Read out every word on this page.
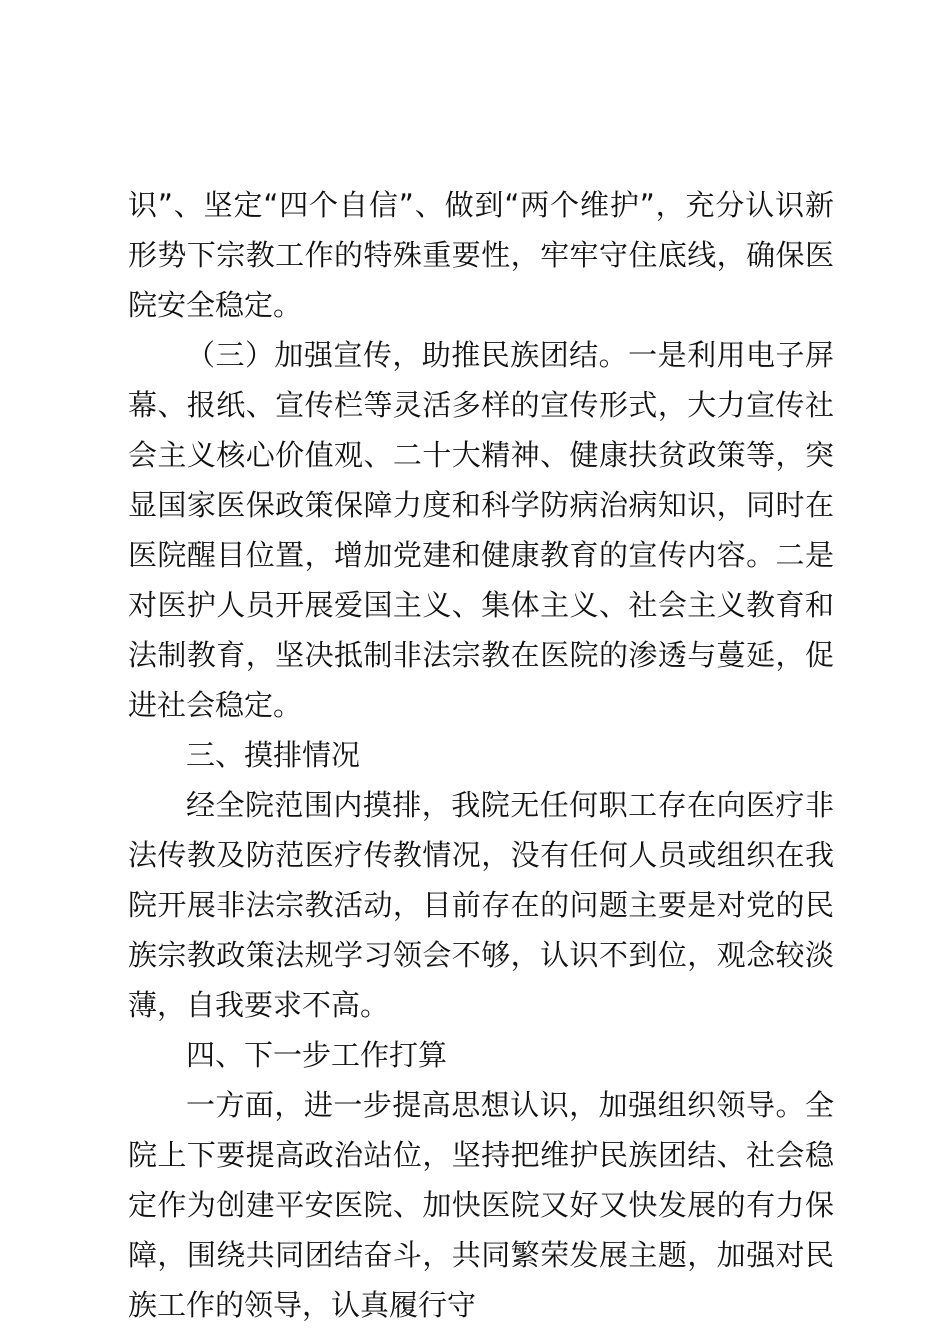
识”、坚定“四个自信”、做到“两个维护”，充分认识新形势下宗教工作的特殊重要性，牢牢守住底线，确保医院安全稳定。

（三）加强宣传，助推民族团结。一是利用电子屏幕、报纸、宣传栏等灵活多样的宣传形式，大力宣传社会主义核心价值观、二十大精神、健康扶贫政策等，突显国家医保政策保障力度和科学防病治病知识，同时在医院醒目位置，增加党建和健康教育的宣传内容。二是对医护人员开展爱国主义、集体主义、社会主义教育和法制教育，坚决抵制非法宗教在医院的渗透与蔓延，促进社会稳定。

三、摸排情况

经全院范围内摸排，我院无任何职工存在向医疗非法传教及防范医疗传教情况，没有任何人员或组织在我院开展非法宗教活动，目前存在的问题主要是对党的民族宗教政策法规学习领会不够，认识不到位，观念较淡薄，自我要求不高。

四、下一步工作打算

一方面，进一步提高思想认识，加强组织领导。全院上下要提高政治站位，坚持把维护民族团结、社会稳定作为创建平安医院、加快医院又好又快发展的有力保障，围绕共同团结奋斗，共同繁荣发展主题，加强对民族工作的领导，认真履行守
